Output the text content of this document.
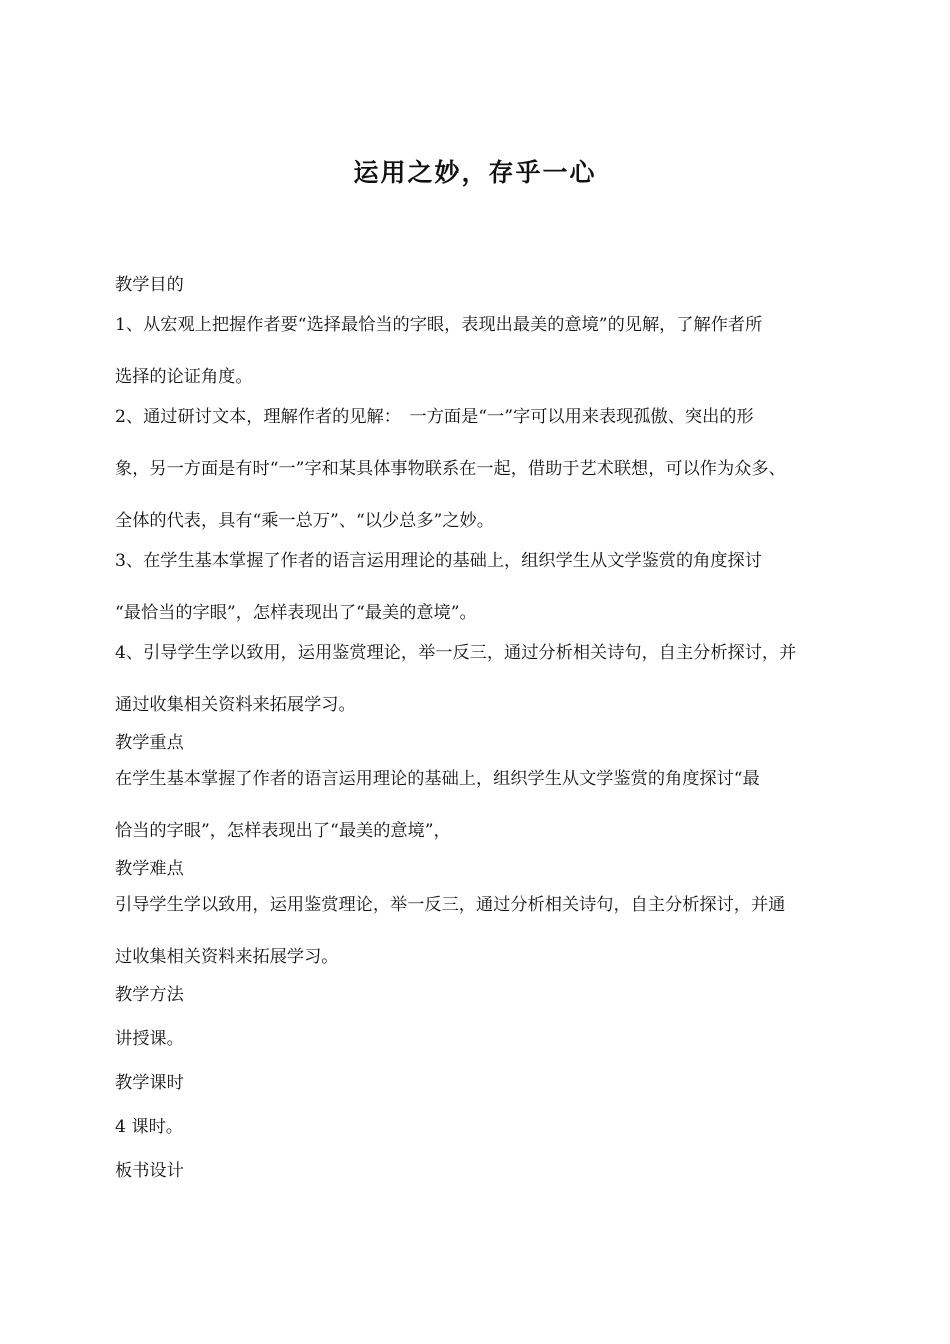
运用之妙，存乎一心
教学目的
1、从宏观上把握作者要“选择最恰当的字眼，表现出最美的意境”的见解，了解作者所
选择的论证角度。
2、通过研讨文本，理解作者的见解：　一方面是“一”字可以用来表现孤傲、突出的形
象，另一方面是有时“一”字和某具体事物联系在一起，借助于艺术联想，可以作为众多、
全体的代表，具有“乘一总万”、“以少总多”之妙。
3、在学生基本掌握了作者的语言运用理论的基础上，组织学生从文学鉴赏的角度探讨
“最恰当的字眼”，怎样表现出了“最美的意境”。
4、引导学生学以致用，运用鉴赏理论，举一反三，通过分析相关诗句，自主分析探讨，并
通过收集相关资料来拓展学习。
教学重点
在学生基本掌握了作者的语言运用理论的基础上，组织学生从文学鉴赏的角度探讨“最
恰当的字眼”，怎样表现出了“最美的意境”，
教学难点
引导学生学以致用，运用鉴赏理论，举一反三，通过分析相关诗句，自主分析探讨，并通
过收集相关资料来拓展学习。
教学方法
讲授课。
教学课时
4 课时。
板书设计
